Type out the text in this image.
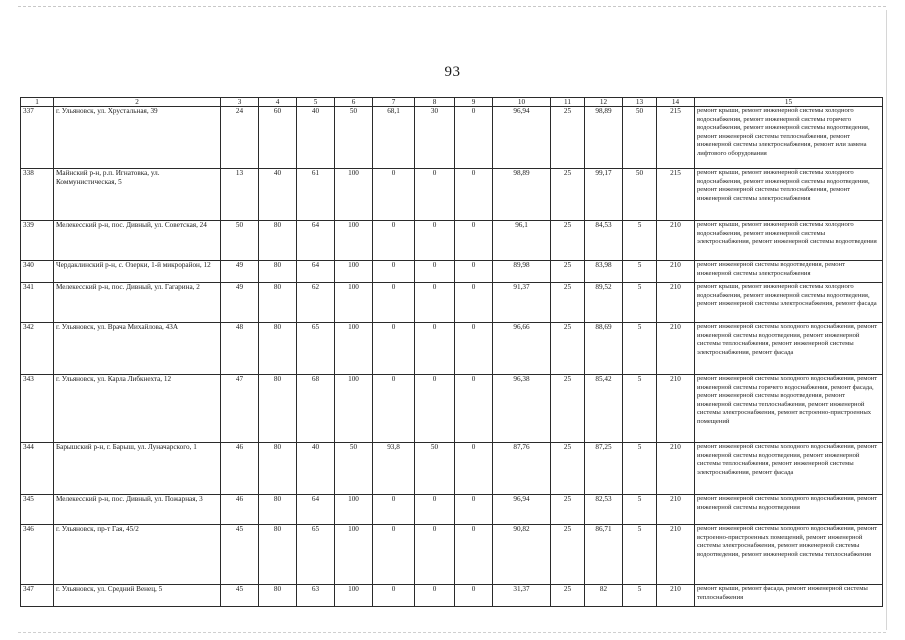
93
1	2	3	4	5	6	7	8	9	10	11	12	13	14	15
337	г. Ульяновск, ул. Хрустальная, 39	24	60	40	50	68,1	30	0	96,94	25	98,89	50	215	ремонт крыши, ремонт инженерной системы холодного водоснабжения, ремонт инженерной системы горячего водоснабжения, ремонт инженерной системы водоотведения, ремонт инженерной системы теплоснабжения, ремонт инженерной системы электроснабжения, ремонт или замена лифтового оборудования
338	Майнский р-н, р.п. Игнатовка, ул. Коммунистическая, 5	13	40	61	100	0	0	0	98,89	25	99,17	50	215	ремонт крыши, ремонт инженерной системы холодного водоснабжения, ремонт инженерной системы водоотведения, ремонт инженерной системы теплоснабжения, ремонт инженерной системы электроснабжения
339	Мелекесский р-н, пос. Дивный, ул. Советская, 24	50	80	64	100	0	0	0	96,1	25	84,53	5	210	ремонт крыши, ремонт инженерной системы холодного водоснабжения, ремонт инженерной системы электроснабжения, ремонт инженерной системы водоотведения
340	Чердаклинский р-н, с. Озерки, 1-й микрорайон, 12	49	80	64	100	0	0	0	89,98	25	83,98	5	210	ремонт инженерной системы водоотведения, ремонт инженерной системы электроснабжения
341	Мелекесский р-н, пос. Дивный, ул. Гагарина, 2	49	80	62	100	0	0	0	91,37	25	89,52	5	210	ремонт крыши, ремонт инженерной системы холодного водоснабжения, ремонт инженерной системы водоотведения, ремонт инженерной системы электроснабжения, ремонт фасада
342	г. Ульяновск, ул. Врача Михайлова, 43А	48	80	65	100	0	0	0	96,66	25	88,69	5	210	ремонт инженерной системы холодного водоснабжения, ремонт инженерной системы водоотведения, ремонт инженерной системы теплоснабжения, ремонт инженерной системы электроснабжения, ремонт фасада
343	г. Ульяновск, ул. Карла Либкнехта, 12	47	80	68	100	0	0	0	96,38	25	85,42	5	210	ремонт инженерной системы холодного водоснабжения, ремонт инженерной системы горячего водоснабжения, ремонт фасада, ремонт инженерной системы водоотведения, ремонт инженерной системы теплоснабжения, ремонт инженерной системы электроснабжения, ремонт встроенно-пристроенных помещений
344	Барышский р-н, г. Барыш, ул. Луначарского, 1	46	80	40	50	93,8	50	0	87,76	25	87,25	5	210	ремонт инженерной системы холодного водоснабжения, ремонт инженерной системы водоотведения, ремонт инженерной системы теплоснабжения, ремонт инженерной системы электроснабжения, ремонт фасада
345	Мелекесский р-н, пос. Дивный, ул. Пожарная, 3	46	80	64	100	0	0	0	96,94	25	82,53	5	210	ремонт инженерной системы холодного водоснабжения, ремонт инженерной системы водоотведения
346	г. Ульяновск, пр-т Гая, 45/2	45	80	65	100	0	0	0	90,82	25	86,71	5	210	ремонт инженерной системы холодного водоснабжения, ремонт встроенно-пристроенных помещений, ремонт инженерной системы электроснабжения, ремонт инженерной системы водоотведения, ремонт инженерной системы теплоснабжения
347	г. Ульяновск, ул. Средний Венец, 5	45	80	63	100	0	0	0	31,37	25	82	5	210	ремонт крыши, ремонт фасада, ремонт инженерной системы теплоснабжения
